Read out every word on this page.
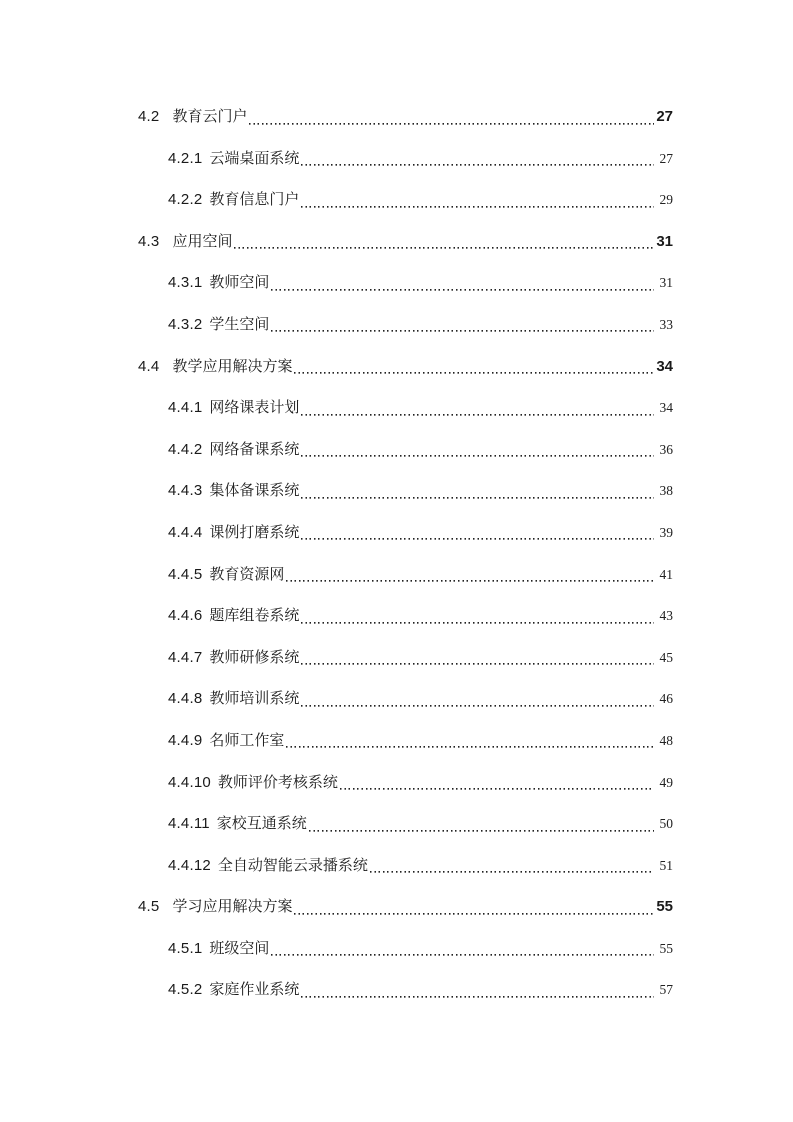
4.2 教育云门户	27
4.2.1 云端桌面系统	27
4.2.2 教育信息门户	29
4.3 应用空间	31
4.3.1 教师空间	31
4.3.2 学生空间	33
4.4 教学应用解决方案	34
4.4.1 网络课表计划	34
4.4.2 网络备课系统	36
4.4.3 集体备课系统	38
4.4.4 课例打磨系统	39
4.4.5 教育资源网	41
4.4.6 题库组卷系统	43
4.4.7 教师研修系统	45
4.4.8 教师培训系统	46
4.4.9 名师工作室	48
4.4.10 教师评价考核系统	49
4.4.11 家校互通系统	50
4.4.12 全自动智能云录播系统	51
4.5 学习应用解决方案	55
4.5.1 班级空间	55
4.5.2 家庭作业系统	57
